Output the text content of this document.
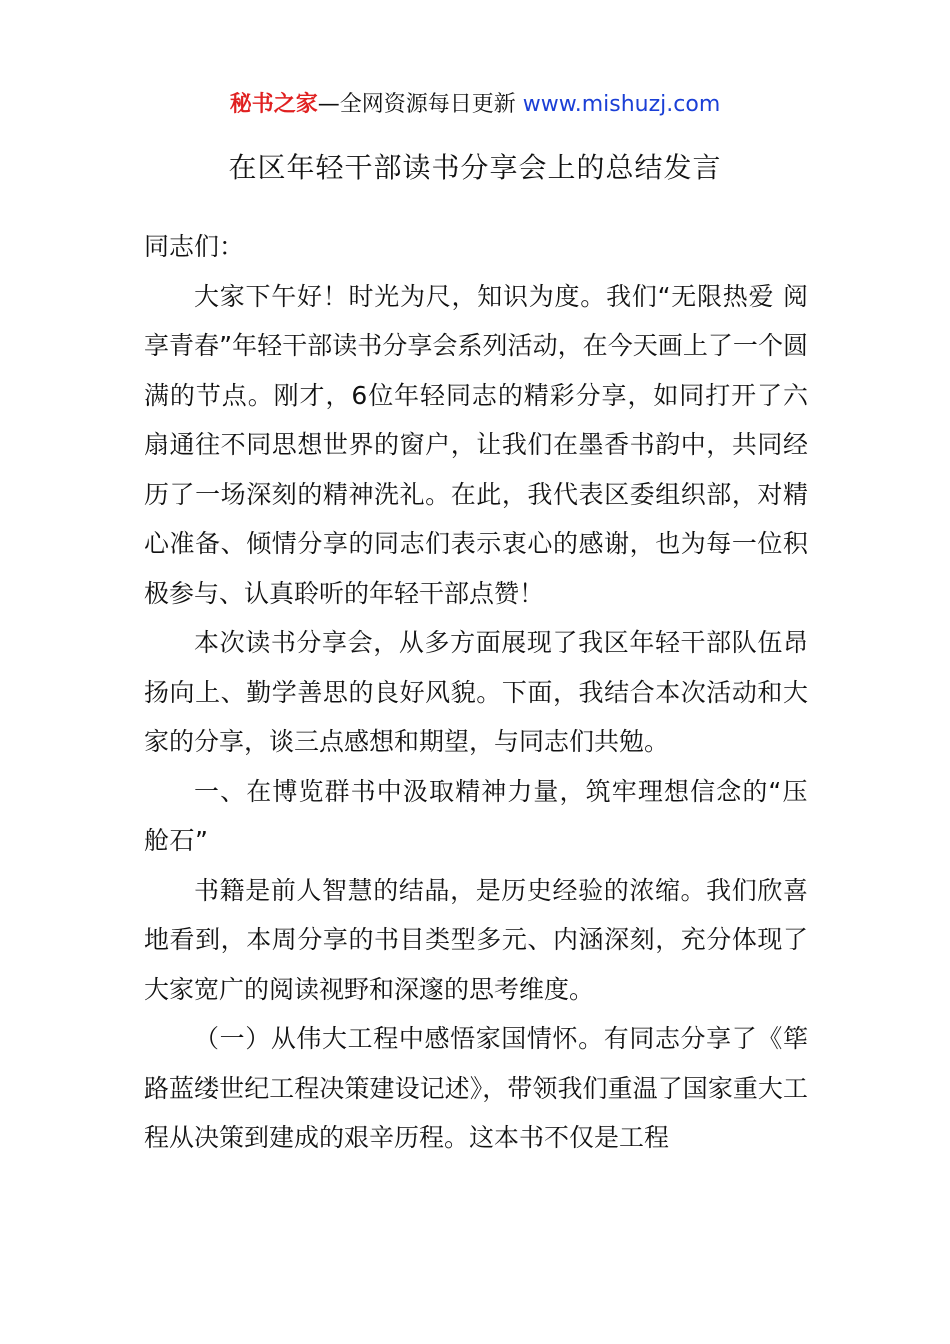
秘书之家—全网资源每日更新 www.mishuzj.com
在区年轻干部读书分享会上的总结发言

同志们：

大家下午好！时光为尺，知识为度。我们“无限热爱 阅享青春”年轻干部读书分享会系列活动，在今天画上了一个圆满的节点。刚才，6位年轻同志的精彩分享，如同打开了六扇通往不同思想世界的窗户，让我们在墨香书韵中，共同经历了一场深刻的精神洗礼。在此，我代表区委组织部，对精心准备、倾情分享的同志们表示衷心的感谢，也为每一位积极参与、认真聆听的年轻干部点赞！

本次读书分享会，从多方面展现了我区年轻干部队伍昂扬向上、勤学善思的良好风貌。下面，我结合本次活动和大家的分享，谈三点感想和期望，与同志们共勉。

一、在博览群书中汲取精神力量，筑牢理想信念的“压舱石”

书籍是前人智慧的结晶，是历史经验的浓缩。我们欣喜地看到，本周分享的书目类型多元、内涵深刻，充分体现了大家宽广的阅读视野和深邃的思考维度。

（一）从伟大工程中感悟家国情怀。有同志分享了《筚路蓝缕世纪工程决策建设记述》，带领我们重温了国家重大工程从决策到建成的艰辛历程。这本书不仅是工程
